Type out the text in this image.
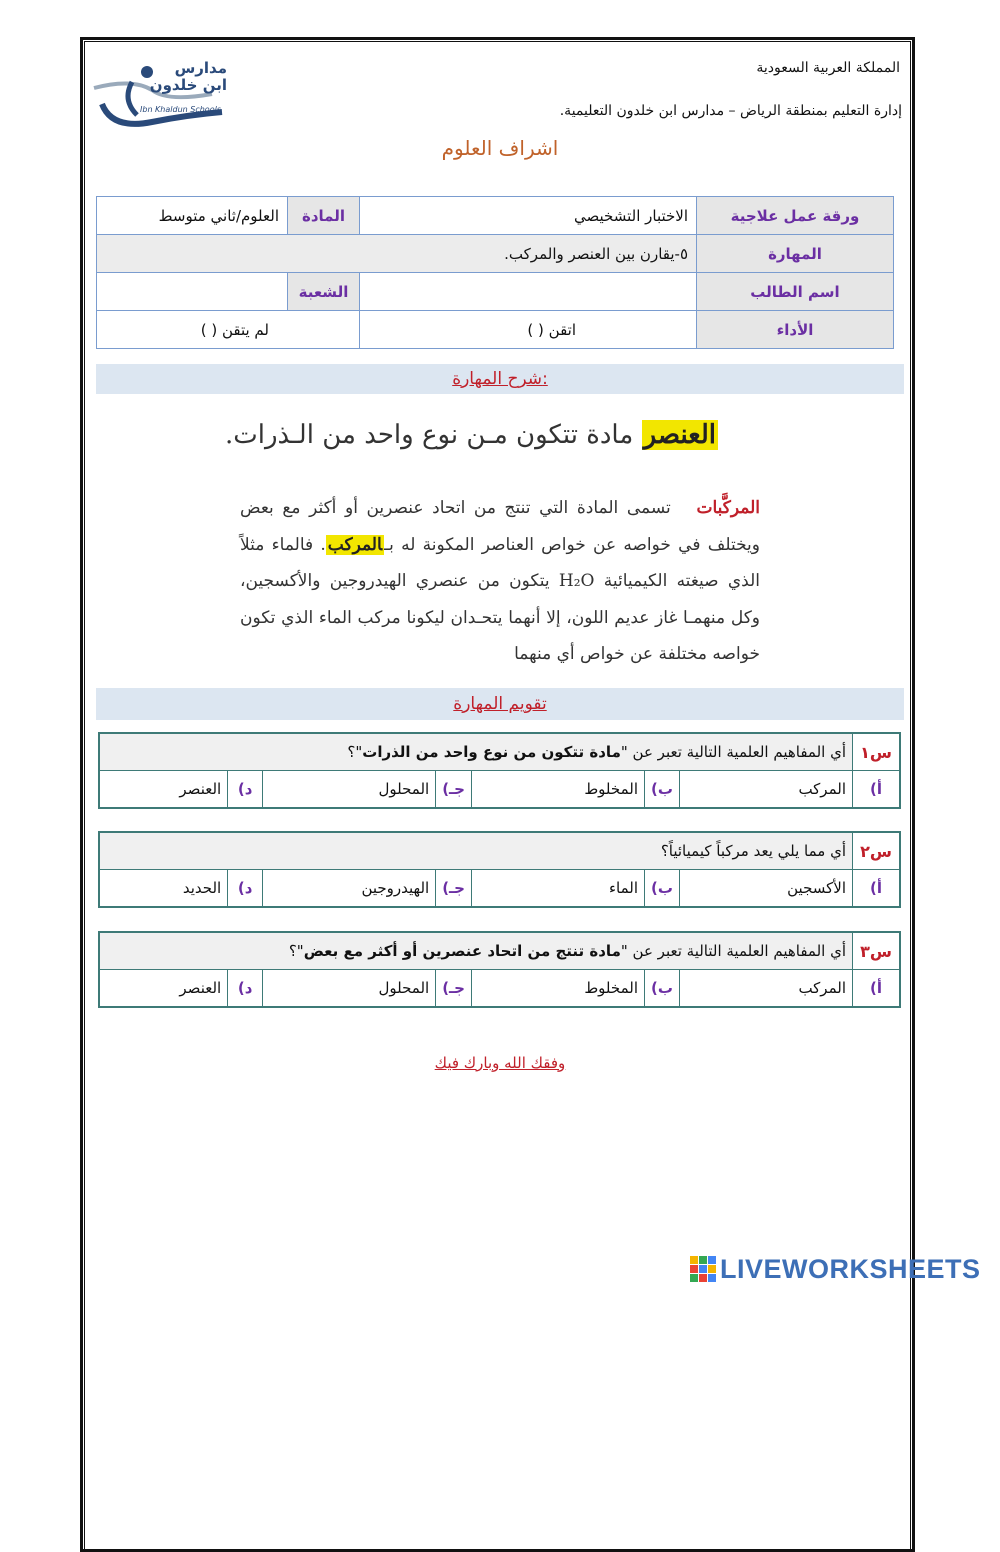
مدارس
ابن خلدون
Ibn Khaldun Schools
المملكة العربية السعودية
إدارة التعليم بمنطقة الرياض – مدارس ابن خلدون التعليمية.
اشراف العلوم
ورقة عمل علاجية	الاختبار التشخيصي	المادة	العلوم/ثاني متوسط
المهارة	٥-يقارن بين العنصر والمركب.		
اسم الطالب		الشعبة	
الأداء	اتقن ( )	لم يتقن ( )	
شرح المهارة:
العنصر مادة تتكون مـن نوع واحد من الـذرات.
المركَّبات   تسمى المادة التي تنتج من اتحاد عنصرين أو أكثر مع بعض ويختلف في خواصه عن خواص العناصر المكونة له بـالمركب. فالماء مثلاً الذي صيغته الكيميائية H₂O يتكون من عنصري الهيدروجين والأكسجين، وكل منهمـا غاز عديم اللون، إلا أنهما يتحـدان ليكونا مركب الماء الذي تكون خواصه مختلفة عن خواص أي منهما
تقويم المهارة
س١	أي المفاهيم العلمية التالية تعبر عن "مادة تتكون من نوع واحد من الذرات"؟						
أ)	المركب	ب)	المخلوط	جـ)	المحلول	د)	العنصر
س٢	أي مما يلي يعد مركباً كيميائياً؟						
أ)	الأكسجين	ب)	الماء	جـ)	الهيدروجين	د)	الحديد
س٣	أي المفاهيم العلمية التالية تعبر عن "مادة تنتج من اتحاد عنصرين أو أكثر مع بعض"؟						
أ)	المركب	ب)	المخلوط	جـ)	المحلول	د)	العنصر
وفقك الله وبارك فيك
LIVEWORKSHEETS
